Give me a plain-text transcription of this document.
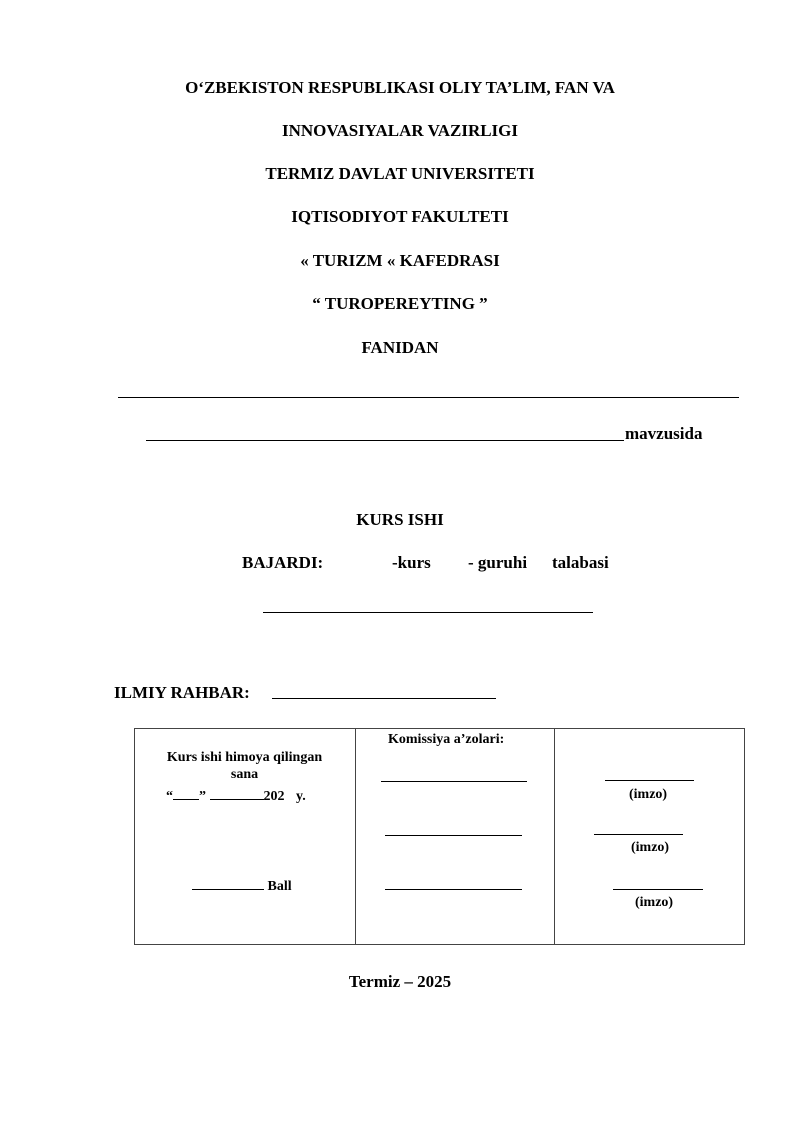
O‘ZBEKISTON RESPUBLIKASI OLIY TA’LIM, FAN VA
INNOVASIYALAR VAZIRLIGI
TERMIZ DAVLAT UNIVERSITETI
IQTISODIYOT FAKULTETI
« TURIZM « KAFEDRASI
“ TUROPEREYTING ”
FANIDAN
mavzusida
KURS ISHI
BAJARDI:	-kurs - guruhi talabasi
ILMIY RAHBAR:
Kurs ishi himoya qilingan
sana
“ ”	202 y.
Ball
Komissiya a’zolari:
(imzo)
(imzo)
(imzo)
Termiz – 2025
